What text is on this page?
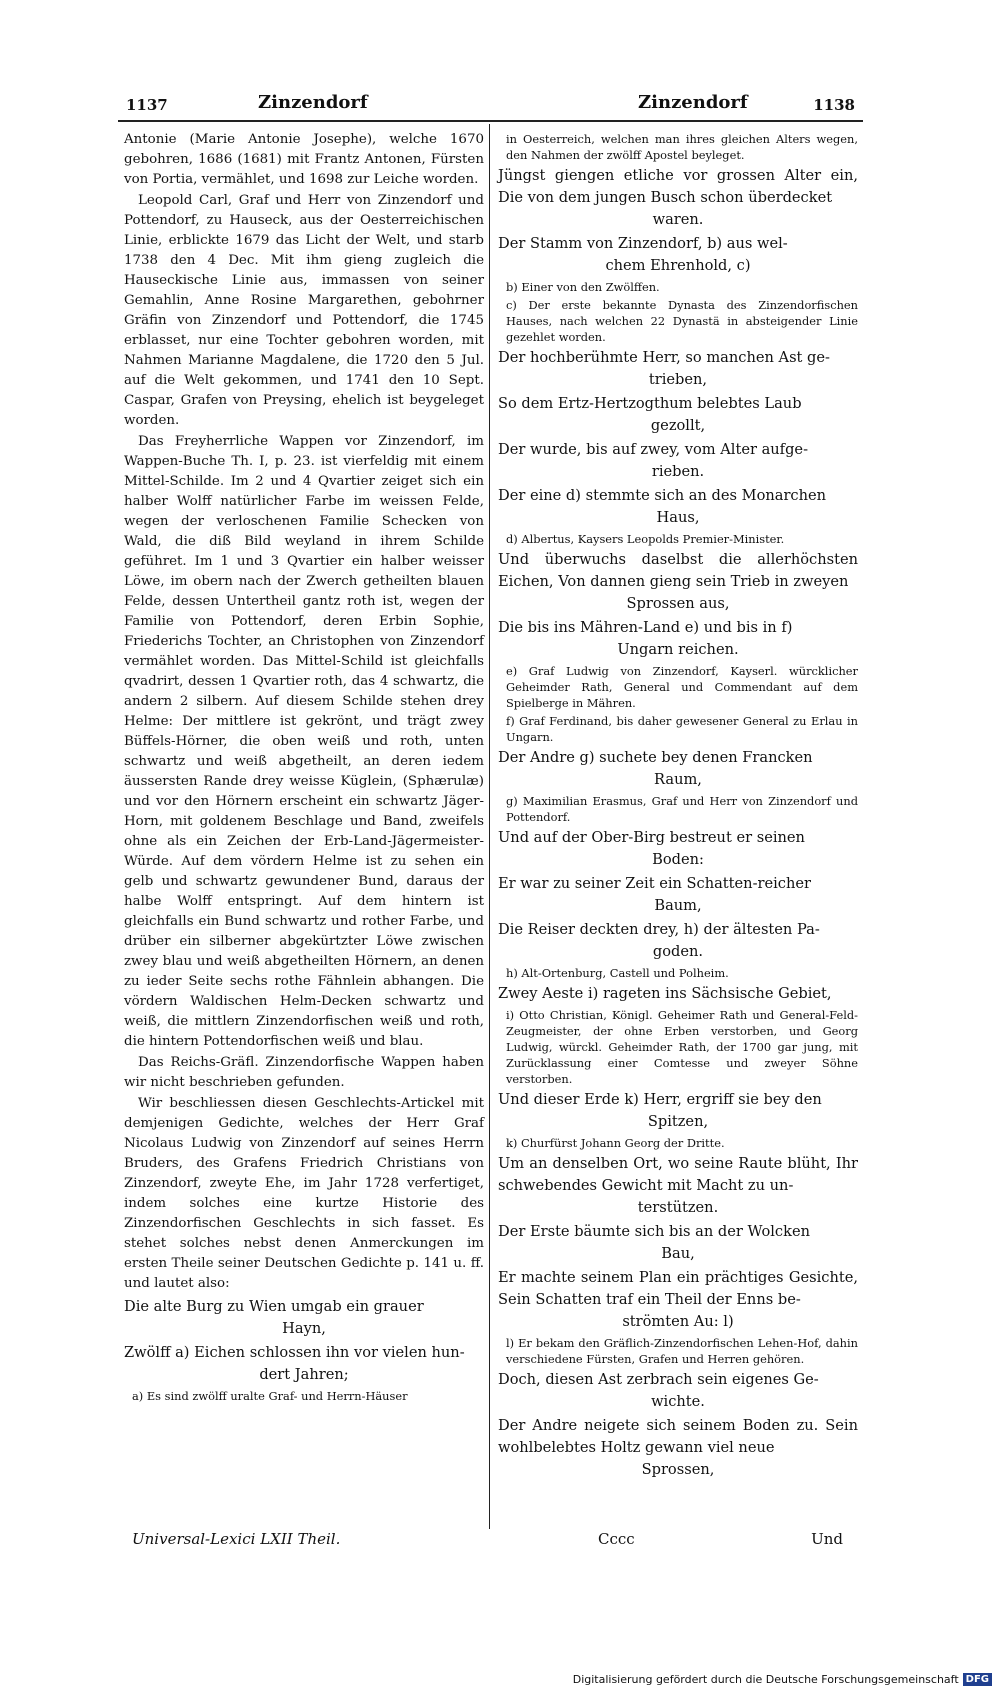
1137	Zinzendorf	Zinzendorf	1138

Antonie (Marie Antonie Josephe), welche 1670 gebohren, 1686 (1681) mit Frantz Antonen, Fürsten von Portia, vermählet, und 1698 zur Leiche worden.

Leopold Carl, Graf und Herr von Zinzendorf und Pottendorf, zu Hauseck, aus der Oesterreichischen Linie, erblickte 1679 das Licht der Welt, und starb 1738 den 4 Dec. Mit ihm gieng zugleich die Hauseckische Linie aus, immassen von seiner Gemahlin, Anne Rosine Margarethen, gebohrner Gräfin von Zinzendorf und Pottendorf, die 1745 erblasset, nur eine Tochter gebohren worden, mit Nahmen Marianne Magdalene, die 1720 den 5 Jul. auf die Welt gekommen, und 1741 den 10 Sept. Caspar, Grafen von Preysing, ehelich ist beygeleget worden.

Das Freyherrliche Wappen vor Zinzendorf, im Wappen-Buche Th. I, p. 23. ist vierfeldig mit einem Mittel-Schilde. Im 2 und 4 Qvartier zeiget sich ein halber Wolff natürlicher Farbe im weissen Felde, wegen der verloschenen Familie Schecken von Wald, die diß Bild weyland in ihrem Schilde geführet. Im 1 und 3 Qvartier ein halber weisser Löwe, im obern nach der Zwerch getheilten blauen Felde, dessen Untertheil gantz roth ist, wegen der Familie von Pottendorf, deren Erbin Sophie, Friederichs Tochter, an Christophen von Zinzendorf vermählet worden. Das Mittel-Schild ist gleichfalls qvadrirt, dessen 1 Qvartier roth, das 4 schwartz, die andern 2 silbern. Auf diesem Schilde stehen drey Helme: Der mittlere ist gekrönt, und trägt zwey Büffels-Hörner, die oben weiß und roth, unten schwartz und weiß abgetheilt, an deren iedem äussersten Rande drey weisse Küglein, (Sphærulæ) und vor den Hörnern erscheint ein schwartz Jäger-Horn, mit goldenem Beschlage und Band, zweifels ohne als ein Zeichen der Erb-Land-Jägermeister-Würde. Auf dem vördern Helme ist zu sehen ein gelb und schwartz gewundener Bund, daraus der halbe Wolff entspringt. Auf dem hintern ist gleichfalls ein Bund schwartz und rother Farbe, und drüber ein silberner abgekürtzter Löwe zwischen zwey blau und weiß abgetheilten Hörnern, an denen zu ieder Seite sechs rothe Fähnlein abhangen. Die vördern Waldischen Helm-Decken schwartz und weiß, die mittlern Zinzendorfischen weiß und roth, die hintern Pottendorfischen weiß und blau.

Das Reichs-Gräfl. Zinzendorfische Wappen haben wir nicht beschrieben gefunden.

Wir beschliessen diesen Geschlechts-Artickel mit demjenigen Gedichte, welches der Herr Graf Nicolaus Ludwig von Zinzendorf auf seines Herrn Bruders, des Grafens Friedrich Christians von Zinzendorf, zweyte Ehe, im Jahr 1728 verfertiget, indem solches eine kurtze Historie des Zinzendorfischen Geschlechts in sich fasset. Es stehet solches nebst denen Anmerckungen im ersten Theile seiner Deutschen Gedichte p. 141 u. ff. und lautet also:

Die alte Burg zu Wien umgab ein grauer
Hayn,
Zwölff a) Eichen schlossen ihn vor vielen hun-
dert Jahren;
a) Es sind zwölff uralte Graf- und Herrn-Häuser
in Oesterreich, welchen man ihres gleichen Alters wegen, den Nahmen der zwölff Apostel beyleget.
Jüngst giengen etliche vor grossen Alter ein, Die von dem jungen Busch schon überdecket
waren.
Der Stamm von Zinzendorf, b) aus wel-
chem Ehrenhold, c)
b) Einer von den Zwölffen.
c) Der erste bekannte Dynasta des Zinzendorfischen Hauses, nach welchen 22 Dynastä in absteigender Linie gezehlet worden.
Der hochberühmte Herr, so manchen Ast ge-
trieben,
So dem Ertz-Hertzogthum belebtes Laub
gezollt,
Der wurde, bis auf zwey, vom Alter aufge-
rieben.
Der eine d) stemmte sich an des Monarchen
Haus,
d) Albertus, Kaysers Leopolds Premier-Minister.
Und überwuchs daselbst die allerhöchsten Eichen, Von dannen gieng sein Trieb in zweyen
Sprossen aus,
Die bis ins Mähren-Land e) und bis in f)
Ungarn reichen.
e) Graf Ludwig von Zinzendorf, Kayserl. würcklicher Geheimder Rath, General und Commendant auf dem Spielberge in Mähren.
f) Graf Ferdinand, bis daher gewesener General zu Erlau in Ungarn.
Der Andre g) suchete bey denen Francken
Raum,
g) Maximilian Erasmus, Graf und Herr von Zinzendorf und Pottendorf.
Und auf der Ober-Birg bestreut er seinen
Boden:
Er war zu seiner Zeit ein Schatten-reicher
Baum,
Die Reiser deckten drey, h) der ältesten Pa-
goden.
h) Alt-Ortenburg, Castell und Polheim.
Zwey Aeste i) rageten ins Sächsische Gebiet,
i) Otto Christian, Königl. Geheimer Rath und General-Feld-Zeugmeister, der ohne Erben verstorben, und Georg Ludwig, würckl. Geheimder Rath, der 1700 gar jung, mit Zurücklassung einer Comtesse und zweyer Söhne verstorben.
Und dieser Erde k) Herr, ergriff sie bey den
Spitzen,
k) Churfürst Johann Georg der Dritte.
Um an denselben Ort, wo seine Raute blüht, Ihr schwebendes Gewicht mit Macht zu un-
terstützen.
Der Erste bäumte sich bis an der Wolcken
Bau,
Er machte seinem Plan ein prächtiges Gesichte, Sein Schatten traf ein Theil der Enns be-
strömten Au: l)
l) Er bekam den Gräflich-Zinzendorfischen Lehen-Hof, dahin verschiedene Fürsten, Grafen und Herren gehören.
Doch, diesen Ast zerbrach sein eigenes Ge-
wichte.
Der Andre neigete sich seinem Boden zu. Sein wohlbelebtes Holtz gewann viel neue
Sprossen,
Universal-Lexici LXII Theil.	Cccc	Und
Digitalisierung gefördert durch die Deutsche Forschungsgemeinschaft DFG
